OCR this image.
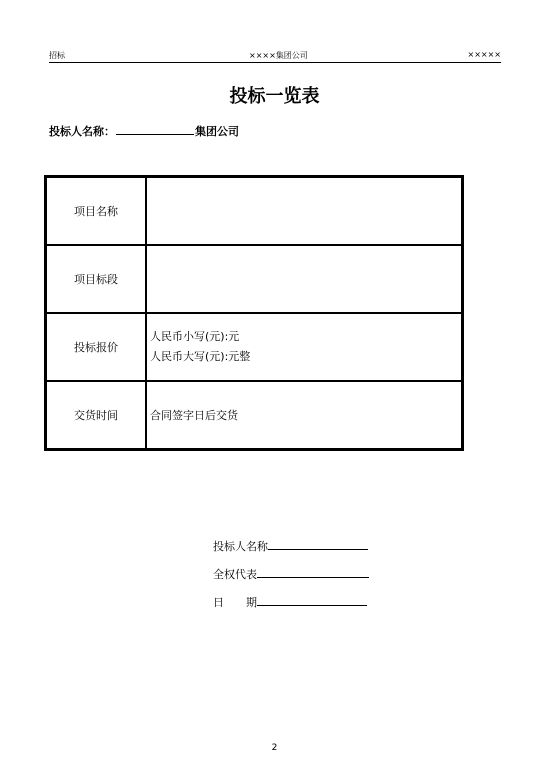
招标	××××集团公司	×××××
投标一览表
投标人名称：	集团公司
项目名称	
项目标段	
投标报价	人民币小写(元):元
人民币大写(元):元整

交货时间	合同签字日后交货
投标人名称
全权代表
日　　期
2
